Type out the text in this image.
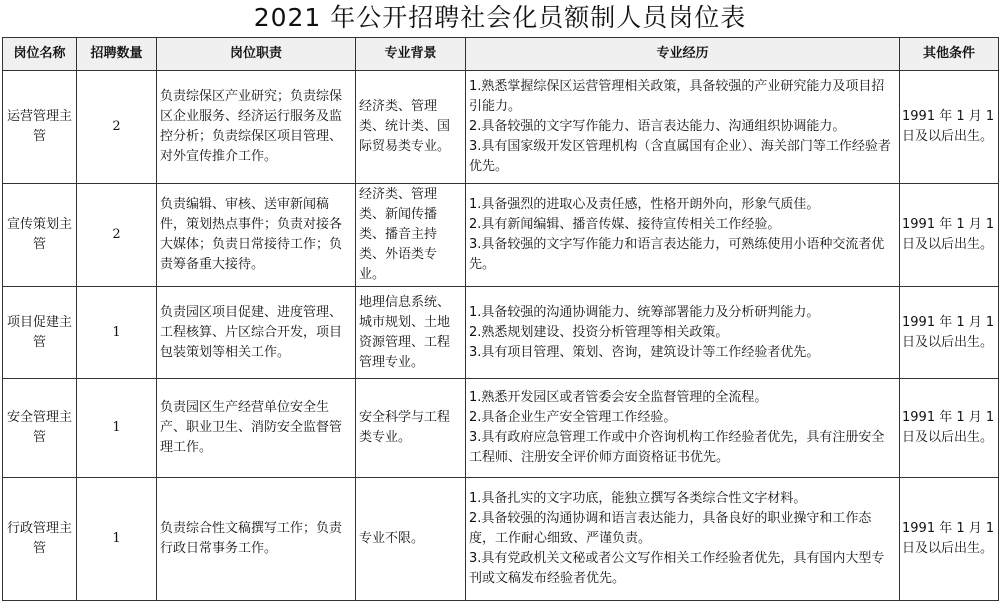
2021 年公开招聘社会化员额制人员岗位表
岗位名称	招聘数量	岗位职责	专业背景	专业经历	其他条件
运营管理主管	2	负责综保区产业研究；负责综保区企业服务、经济运行服务及监控分析；负责综保区项目管理、对外宣传推介工作。	经济类、管理类、统计类、国际贸易类专业。	1.熟悉掌握综保区运营管理相关政策，具备较强的产业研究能力及项目招引能力。
2.具备较强的文字写作能力、语言表达能力、沟通组织协调能力。
3.具有国家级开发区管理机构（含直属国有企业）、海关部门等工作经验者优先。	1991 年 1 月 1 日及以后出生。
宣传策划主管	2	负责编辑、审核、送审新闻稿件，策划热点事件；负责对接各大媒体；负责日常接待工作；负责筹备重大接待。	经济类、管理类、新闻传播类、播音主持类、外语类专业。	1.具备强烈的进取心及责任感，性格开朗外向，形象气质佳。
2.具有新闻编辑、播音传媒、接待宣传相关工作经验。
3.具备较强的文字写作能力和语言表达能力，可熟练使用小语种交流者优先。	1991 年 1 月 1 日及以后出生。
项目促建主管	1	负责园区项目促建、进度管理、工程核算、片区综合开发，项目包装策划等相关工作。	地理信息系统、城市规划、土地资源管理、工程管理专业。	1.具备较强的沟通协调能力、统筹部署能力及分析研判能力。
2.熟悉规划建设、投资分析管理等相关政策。
3.具有项目管理、策划、咨询，建筑设计等工作经验者优先。	1991 年 1 月 1 日及以后出生。
安全管理主管	1	负责园区生产经营单位安全生产、职业卫生、消防安全监督管理工作。	安全科学与工程类专业。	1.熟悉开发园区或者管委会安全监督管理的全流程。
2.具备企业生产安全管理工作经验。
3.具有政府应急管理工作或中介咨询机构工作经验者优先，具有注册安全工程师、注册安全评价师方面资格证书优先。	1991 年 1 月 1 日及以后出生。
行政管理主管	1	负责综合性文稿撰写工作；负责行政日常事务工作。	专业不限。	1.具备扎实的文字功底，能独立撰写各类综合性文字材料。
2.具备较强的沟通协调和语言表达能力，具备良好的职业操守和工作态度，工作耐心细致、严谨负责。
3.具有党政机关文秘或者公文写作相关工作经验者优先，具有国内大型专刊或文稿发布经验者优先。	1991 年 1 月 1 日及以后出生。
